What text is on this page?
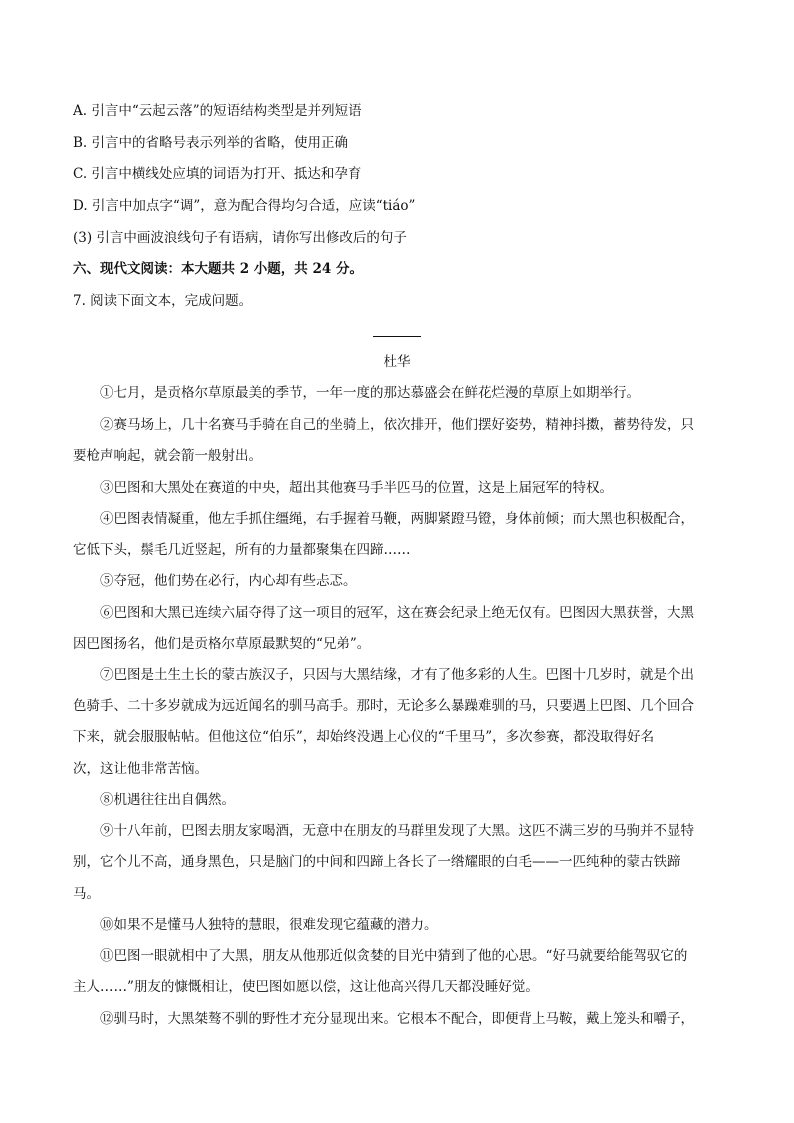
A. 引言中“云起云落”的短语结构类型是并列短语
B. 引言中的省略号表示列举的省略，使用正确
C. 引言中横线处应填的词语为打开、抵达和孕育
D. 引言中加点字“调”，意为配合得均匀合适，应读“tiáo”
(3) 引言中画波浪线句子有语病，请你写出修改后的句子
六、现代文阅读：本大题共 2 小题，共 24 分。
7. 阅读下面文本，完成问题。
杜华
①七月，是贡格尔草原最美的季节，一年一度的那达慕盛会在鲜花烂漫的草原上如期举行。
②赛马场上，几十名赛马手骑在自己的坐骑上，依次排开，他们摆好姿势，精神抖擞，蓄势待发，只
要枪声响起，就会箭一般射出。
③巴图和大黑处在赛道的中央，超出其他赛马手半匹马的位置，这是上届冠军的特权。
④巴图表情凝重，他左手抓住缰绳，右手握着马鞭，两脚紧蹬马镫，身体前倾；而大黑也积极配合，
它低下头，鬃毛几近竖起，所有的力量都聚集在四蹄……
⑤夺冠，他们势在必行，内心却有些忐忑。
⑥巴图和大黑已连续六届夺得了这一项目的冠军，这在赛会纪录上绝无仅有。巴图因大黑获誉，大黑
因巴图扬名，他们是贡格尔草原最默契的“兄弟”。
⑦巴图是土生土长的蒙古族汉子，只因与大黑结缘，才有了他多彩的人生。巴图十几岁时，就是个出
色骑手、二十多岁就成为远近闻名的驯马高手。那时，无论多么暴躁难驯的马，只要遇上巴图、几个回合
下来，就会服服帖帖。但他这位“伯乐”，却始终没遇上心仪的“千里马”，多次参赛，都没取得好名
次，这让他非常苦恼。
⑧机遇往往出自偶然。
⑨十八年前，巴图去朋友家喝酒，无意中在朋友的马群里发现了大黑。这匹不满三岁的马驹并不显特
别，它个儿不高，通身黑色，只是脑门的中间和四蹄上各长了一绺耀眼的白毛——一匹纯种的蒙古铁蹄
马。
⑩如果不是懂马人独特的慧眼，很难发现它蕴藏的潜力。
⑪巴图一眼就相中了大黑，朋友从他那近似贪婪的目光中猜到了他的心思。“好马就要给能驾驭它的
主人……”朋友的慷慨相让，使巴图如愿以偿，这让他高兴得几天都没睡好觉。
⑫驯马时，大黑桀骜不驯的野性才充分显现出来。它根本不配合，即便背上马鞍，戴上笼头和嚼子，
